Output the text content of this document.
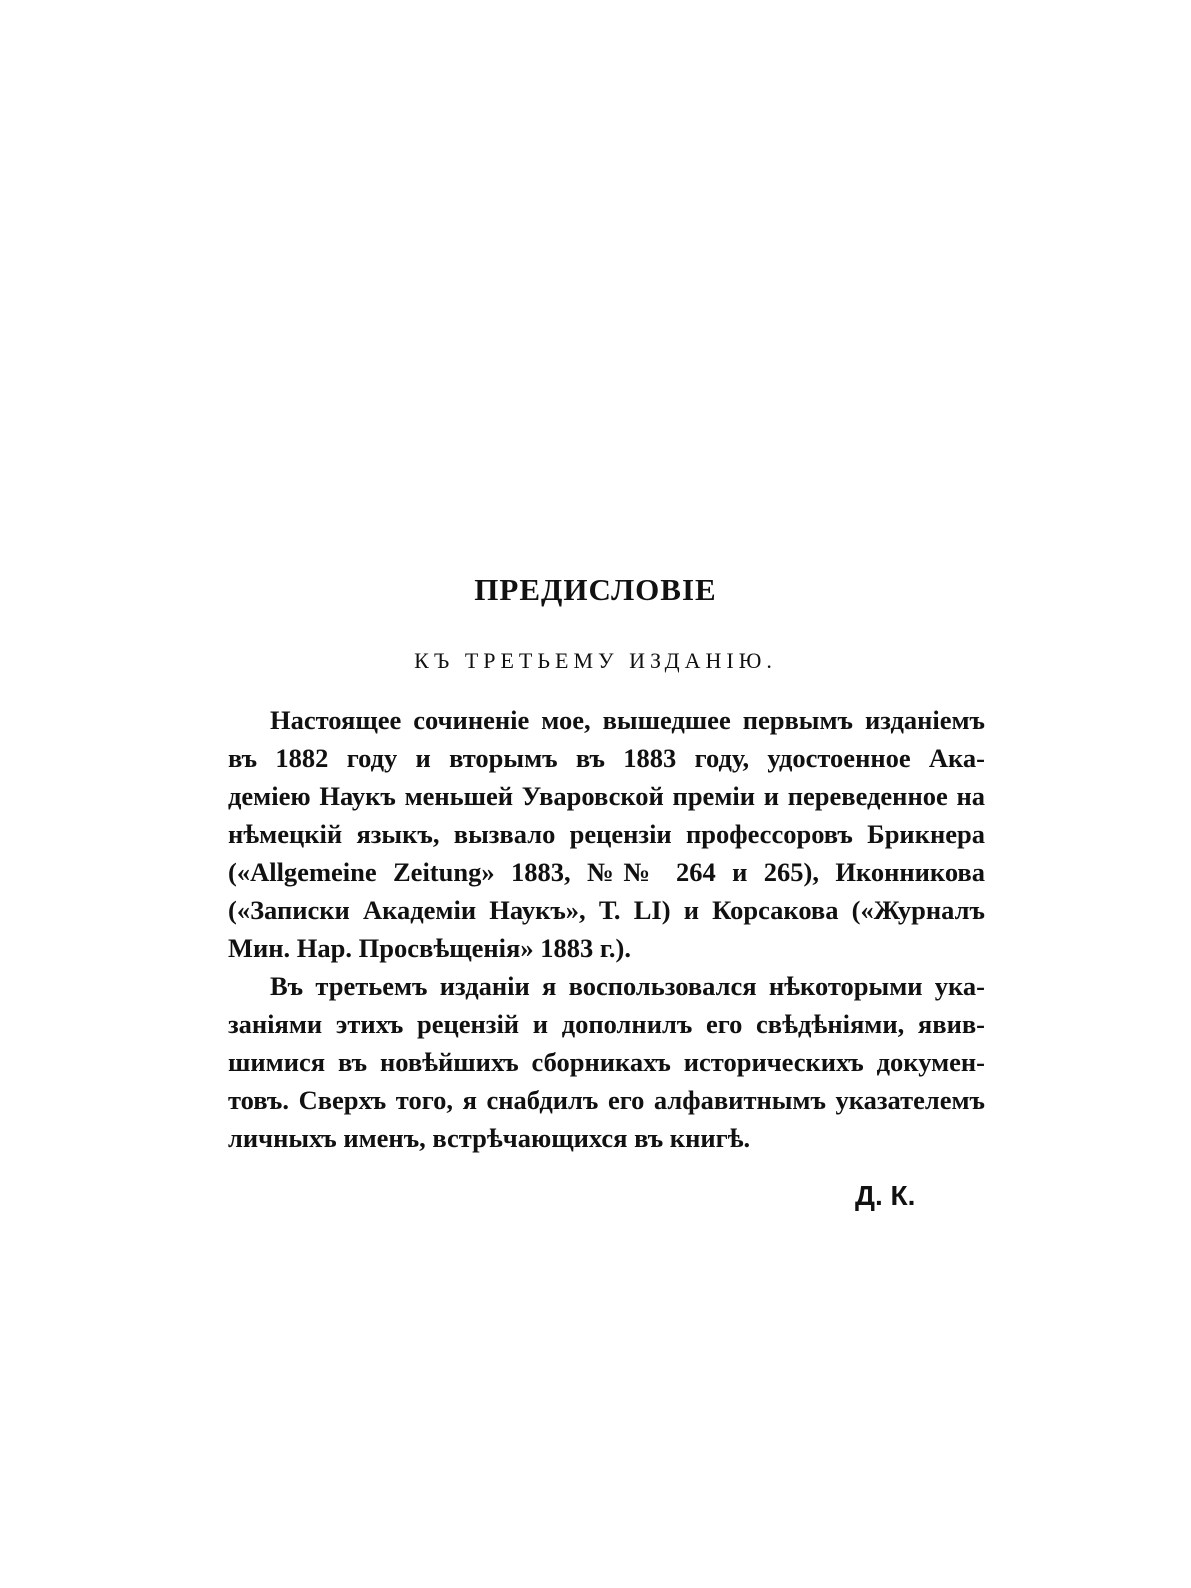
ПРЕДИСЛОВІЕ

КЪ ТРЕТЬЕМУ ИЗДАНІЮ.

Настоящее сочиненіе мое, вышедшее первымъ изданіемъ

въ 1882 году и вторымъ въ 1883 году, удостоенное Ака-

деміею Наукъ меньшей Уваровской преміи и переведенное на

нѣмецкій языкъ, вызвало рецензіи профессоровъ Брикнера

(«Allgemeine Zeitung» 1883, №№ 264 и 265), Иконникова

(«Записки Академіи Наукъ», Т. LI) и Корсакова («Журналъ

Мин. Нар. Просвѣщенія» 1883 г.).

Въ третьемъ изданіи я воспользовался нѣкоторыми ука-

заніями этихъ рецензій и дополнилъ его свѣдѣніями, явив-

шимися въ новѣйшихъ сборникахъ историческихъ докумен-

товъ. Сверхъ того, я снабдилъ его алфавитнымъ указателемъ

личныхъ именъ, встрѣчающихся въ книгѣ.

Д. К.
